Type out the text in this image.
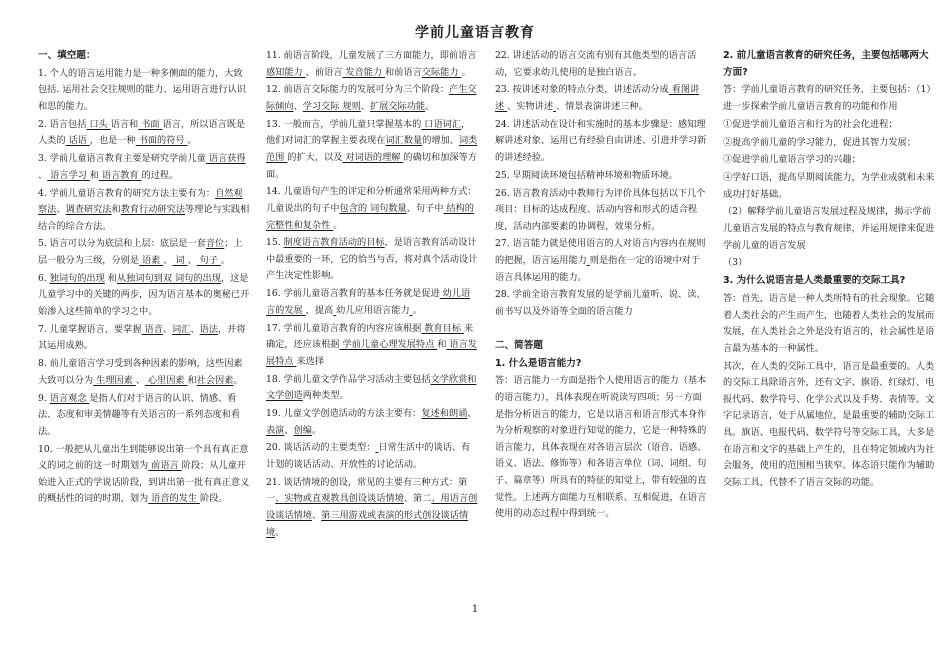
学前儿童语言教育

一、填空题：

1. 个人的语言运用能力是一种多侧面的能力，大致包括. 运用社会交往规则的能力、运用语言进行认识和思的能力。

2. 语言包括 口头 语言和 书面 语言，所以语言既是人类的 话语 ，也是一种 书面的符号 。

3. 学前儿童语言教育主要是研究学前儿童 语言获得 、 语言学习 和 语言教育 的过程。

4. 学前儿童语言教育的研究方法主要有为：自然观察法、调查研究法和教育行动研究法等理论与实践相结合的综合方法。

5. 语言可以分为底层和上层：底层是一套音位；上层一般分为三级，分别是 语素 、 词 、 句子 。

6. 独词句的出现 和从独词句到双 词句的出现，这是儿童学习中的关键的两步，因为语言基本的奥秘已开始渗入这些简单的学习之中。

7. 儿童掌握语言，要掌握 语音、词汇、语法，并将其运用成熟。

8. 前儿童语言学习受到各种因素的影响，这些因素大致可以分为 生理因素 、 心里因素 和社会因素。

9. 语言观念 是指人们对于语言的认识、情感、看法、态度和审美情趣等有关语言的一系列态度和看法。

10. 一般把从儿童出生到能够说出第一个具有真正意义的词之前的这一时期划为 前语言 阶段；从儿童开始进入正式的学说话阶段，到讲出第一批有真正意义的概括性的词的时期，划为 语音的发生 阶段。

11. 前语言阶段，儿童发展了三方面能力，即前语言 感知能力 、前语言 发音能力 和前语言交际能力 。

12. 前语言交际能力的发展可分为三个阶段：产生交际倾向、学习交际 规则、扩展交际功能。

13. 一般而言，学前儿童只掌握基本的 口语词汇，他们对词汇的掌握主要表现在词汇数量的增加、词类范围 的扩大，以及 对词语的理解 的确切和加深等方面。

14. 儿童语句产生的评定和分析通常采用两种方式：儿童说出的句子中包含的 词句数量、句子中 结构的完整性和复杂性 。

15. 制度语言教育活动的目标，是语言教育活动设计中最重要的一环，它的恰当与否，将对真个活动设计产生决定性影响。

16. 学前儿童语言教育的基本任务就是促进 幼儿语言的发展 ，提高 幼儿应用语言能力 。

17. 学前儿童语言教育的内容应该根据 教育目标 来确定，还应该根据 学前儿童心理发展特点 和 语言发展特点 来选择

18. 学前儿童文学作品学习活动主要包括文学欣赏和文学创造两种类型。

19. 儿童文学创造活动的方法主要有：复述和朗诵、表演、创编。

20. 谈话活动的主要类型： 日常生活中的谈话、有计划的谈话活动、开放性的讨论活动。

21. 谈话情境的创设，常见的主要有三种方式：第一、实物或直观教具创设谈话情境、第二、用语言创设谈话情境、第三用游戏或表演的形式创设谈话情境。

22. 讲述活动的语言交流有别有其他类型的语言活动，它要求幼儿使用的是独白语言。

23. 按讲述对象的特点分类，讲述活动分成 看图讲述 、实物讲述 、情景表演讲述三种。

24. 讲述活动在设计和实施时的基本步骤是：感知理解讲述对象、运用已有经验自由讲述、引进并学习新的讲述经验。

25. 早期阅读环境包括精神环境和物质环境。

26. 语言教育活动中教师行为评价具体包括以下几个项目：目标的达成程度、活动内容和形式的适合程度，活动内部要素的协调程，效果分析。

27. 语言能力就是使用语言的人对语言内容内在规则的把握，语言运用能力 则是指在一定的语境中对于语言具体运用的能力。

28. 学前全语言教育发展的是学前儿童听、说、读、前书写以及外语等全面的语言能力

二、简答题

1. 什么是语言能力?

答：语言能力一方面是指个人使用语言的能力（基本的语言能力），具体表现在听说读写四项；另一方面是指分析语言的能力，它是以语言和语言形式本身作为分析观察的对象进行知觉的能力，它是一种特殊的语言能力，具体表现在对各语言层次（语音、语感、语义、语法、修饰等）和各语言单位（词、词组、句子、篇章等）所具有的特征的知觉上，带有较强的直觉性。上述两方面能力互相联系、互相促进，在语言使用的动态过程中得到统一。

2. 前儿童语言教育的研究任务，主要包括哪两大方面?

答：学前儿童语言教育的研究任务，主要包括：（1）进一步探索学前儿童语言教育的功能和作用

①促进学前儿童语言和行为的社会化进程；

②提高学前儿童的学习能力，促进其智力发展；

③促进学前儿童语言学习的兴趣；

④学好口语，提高早期阅读能力，为学业成就和未来成功打好基础。

（2）解释学前儿童语言发展过程及规律，揭示学前儿童语言发展的特点与教育规律，并运用规律来促进学前儿童的语言发展

（3）

3. 为什么说语言是人类最重要的交际工具?

答：首先，语言是一种人类所特有的社会现象。它随着人类社会的产生而产生，也随着人类社会的发展而发展，在人类社会之外是没有语言的，社会属性是语言最为基本的一种属性。

其次，在人类的交际工具中，语言是最重要的。人类的交际工具除语言外，还有文字、旗语、红绿灯、电报代码、数学符号、化学公式以及手势、表情等。文字记录语言，处于从属地位，是最重要的辅助交际工具。旗语、电报代码、数学符号等交际工具，大多是在语言和文字的基础上产生的，且在特定领域内为社会服务，使用的范围相当狭窄。体态语只能作为辅助交际工具，代替不了语言交际的功能。

1
